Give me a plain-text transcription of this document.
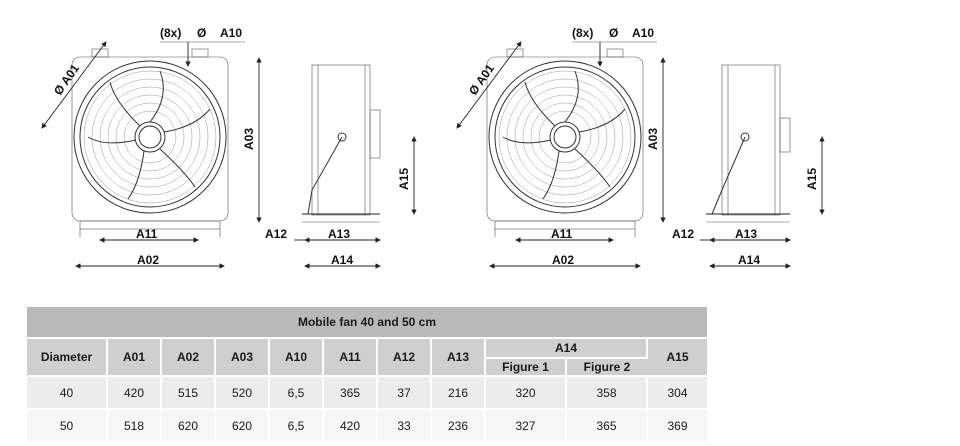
(8x) Ø A10
Ø A01
A03
A11
A02
A12	A13
A14
A15
(8x) Ø A10
Ø A01
A03
A11
A02
A12	A13
A14
A15
Mobile fan 40 and 50 cm										
Diameter	A01	A02	A03	A10	A11	A12	A13	A14		A15
								Figure 1	Figure 2	
40	420	515	520	6,5	365	37	216	320	358	304
50	518	620	620	6,5	420	33	236	327	365	369
